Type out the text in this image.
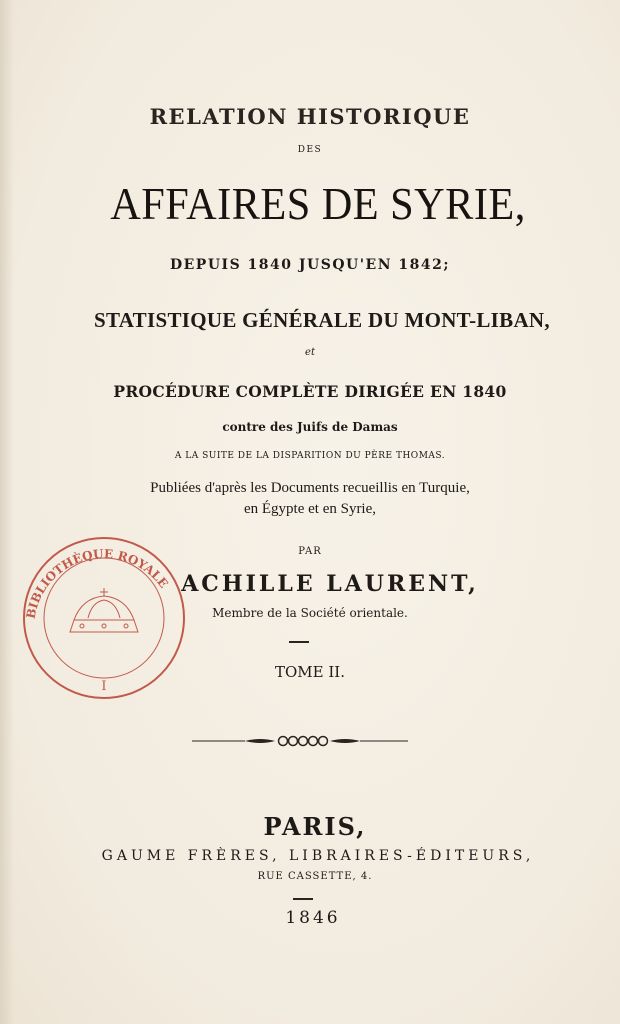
RELATION HISTORIQUE
DES
AFFAIRES DE SYRIE,
DEPUIS 1840 JUSQU'EN 1842;
STATISTIQUE GÉNÉRALE DU MONT-LIBAN,
et
PROCÉDURE COMPLÈTE DIRIGÉE EN 1840
contre des Juifs de Damas
A LA SUITE DE LA DISPARITION DU PÈRE THOMAS.
Publiées d'après les Documents recueillis en Turquie,
en Égypte et en Syrie,
PAR
ACHILLE LAURENT,
Membre de la Société orientale.
TOME II.
PARIS,
GAUME FRÈRES, LIBRAIRES-ÉDITEURS,
RUE CASSETTE, 4.
1846
BIBLIOTHÈQUE ROYALE
I
